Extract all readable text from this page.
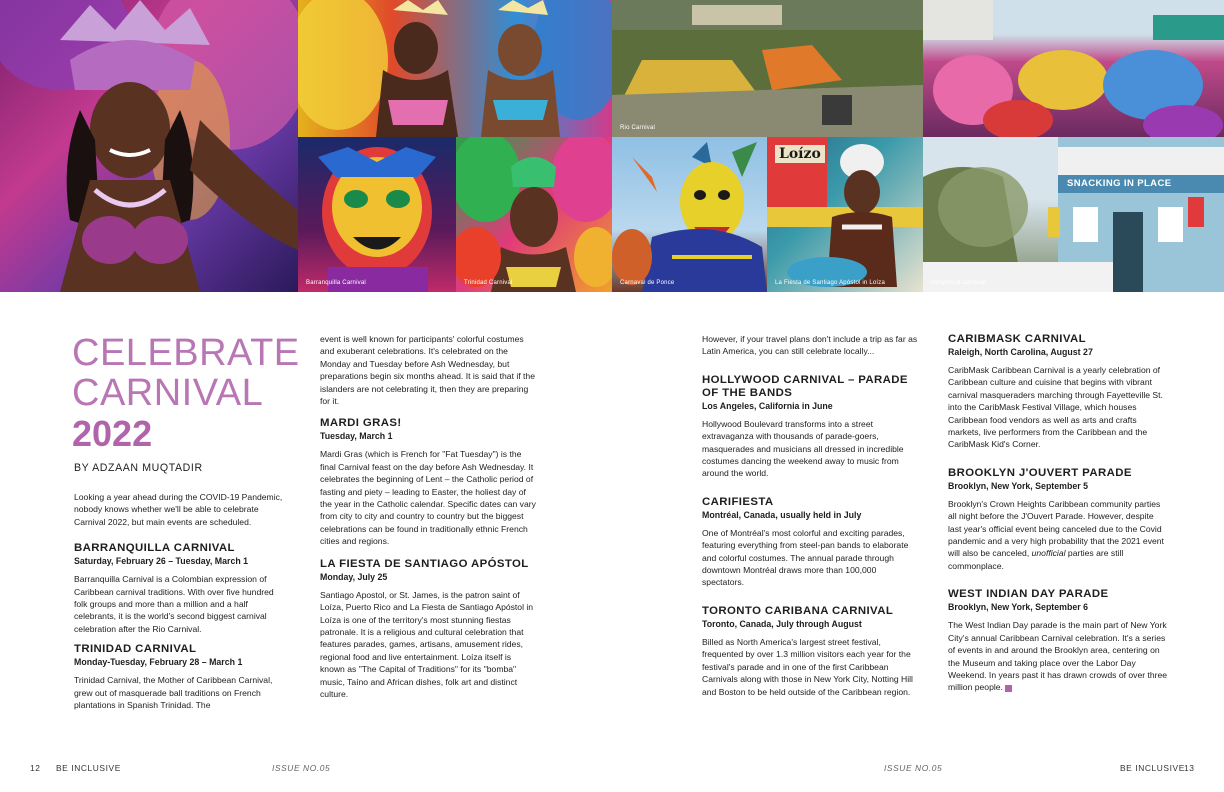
Rio Carnival
Barranquilla Carnival	Trinidad Carnival	Carnaval de Ponce
Loízo
La Fiesta de Santiago Apóstol in Loíza
SNACKING IN PLACE
Hollywood Carnival
CELEBRATE
CARNIVAL
2022
BY ADZAAN MUQTADIR

Looking a year ahead during the COVID-19 Pandemic, nobody knows whether we'll be able to celebrate Carnival 2022, but main events are scheduled.

BARRANQUILLA CARNIVAL
Saturday, February 26 – Tuesday, March 1

Barranquilla Carnival is a Colombian expression of Caribbean carnival traditions. With over five hundred folk groups and more than a million and a half celebrants, it is the world's second biggest carnival celebration after the Rio Carnival.

TRINIDAD CARNIVAL
Monday-Tuesday, February 28 – March 1

Trinidad Carnival, the Mother of Caribbean Carnival, grew out of masquerade ball traditions on French plantations in Spanish Trinidad. The

event is well known for participants' colorful costumes and exuberant celebrations. It's celebrated on the Monday and Tuesday before Ash Wednesday, but preparations begin six months ahead. It is said that if the islanders are not celebrating it, then they are preparing for it.

MARDI GRAS!
Tuesday, March 1

Mardi Gras (which is French for "Fat Tuesday") is the final Carnival feast on the day before Ash Wednesday. It celebrates the beginning of Lent – the Catholic period of fasting and piety – leading to Easter, the holiest day of the year in the Catholic calendar. Specific dates can vary from city to city and country to country but the biggest celebrations can be found in traditionally ethnic French cities and regions.

LA FIESTA DE SANTIAGO APÓSTOL
Monday, July 25

Santiago Apostol, or St. James, is the patron saint of Loíza, Puerto Rico and La Fiesta de Santiago Apóstol in Loíza is one of the territory's most stunning fiestas patronale. It is a religious and cultural celebration that features parades, games, artisans, amusement rides, regional food and live entertainment. Loíza itself is known as "The Capital of Traditions" for its "bomba" music, Taíno and African dishes, folk art and distinct culture.

However, if your travel plans don't include a trip as far as Latin America, you can still celebrate locally...

HOLLYWOOD CARNIVAL – PARADE OF THE BANDS
Los Angeles, California in June

Hollywood Boulevard transforms into a street extravaganza with thousands of parade-goers, masquerades and musicians all dressed in incredible costumes dancing the weekend away to music from around the world.

CARIFIESTA
Montréal, Canada, usually held in July

One of Montréal's most colorful and exciting parades, featuring everything from steel-pan bands to elaborate and colorful costumes. The annual parade through downtown Montréal draws more than 100,000 spectators.

TORONTO CARIBANA CARNIVAL
Toronto, Canada, July through August

Billed as North America's largest street festival, frequented by over 1.3 million visitors each year for the festival's parade and in one of the first Caribbean Carnivals along with those in New York City, Notting Hill and Boston to be held outside of the Caribbean region.

CARIBMASK CARNIVAL
Raleigh, North Carolina, August 27

CaribMask Caribbean Carnival is a yearly celebration of Caribbean culture and cuisine that begins with vibrant carnival masqueraders marching through Fayetteville St. into the CaribMask Festival Village, which houses Caribbean food vendors as well as arts and crafts markets, live performers from the Caribbean and the CaribMask Kid's Corner.

BROOKLYN J'OUVERT PARADE
Brooklyn, New York, September 5

Brooklyn's Crown Heights Caribbean community parties all night before the J'Ouvert Parade. However, despite last year's official event being canceled due to the Covid pandemic and a very high probability that the 2021 event will also be canceled, unofficial parties are still commonplace.

WEST INDIAN DAY PARADE
Brooklyn, New York, September 6

The West Indian Day parade is the main part of New York City's annual Caribbean Carnival celebration. It's a series of events in and around the Brooklyn area, centering on the Museum and taking place over the Labor Day Weekend. In years past it has drawn crowds of over three million people.

12 BE INCLUSIVE	ISSUE NO.05	ISSUE NO.05	BE INCLUSIVE 13
